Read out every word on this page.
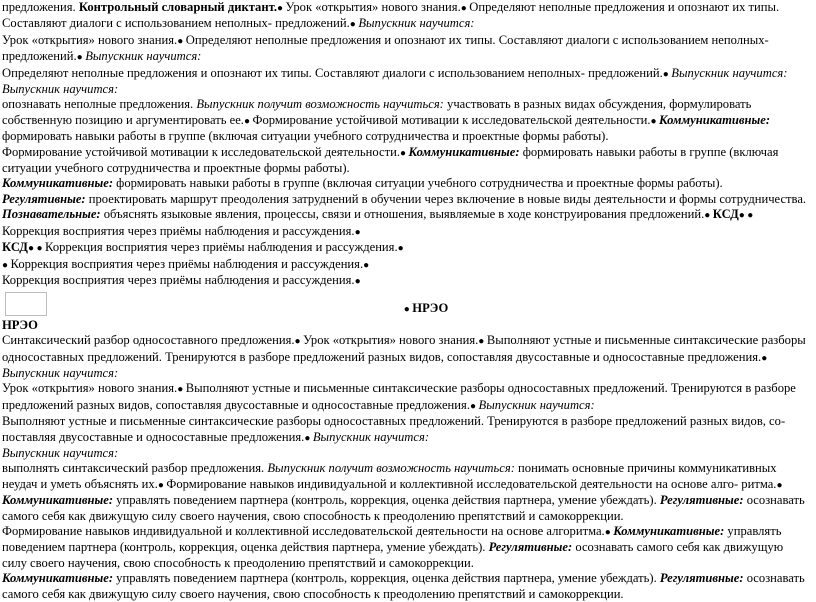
предложения. Контрольный словарный диктант.● Урок «открытия» нового знания.● Определяют неполные предложения и опознают их типы. Составляют диалоги с использованием неполных- предложений.● Выпускник научится:

Урок «открытия» нового знания.● Определяют неполные предложения и опознают их типы. Составляют диалоги с использованием неполных- предложений.● Выпускник научится:

Определяют неполные предложения и опознают их типы. Составляют диалоги с использованием неполных- предложений.● Выпускник научится:

Выпускник научится:

опознавать неполные предложения. Выпускник получит возможность научиться: участвовать в разных видах обсуждения, формулировать собственную позицию и аргументировать ее.● Формирование устойчивой мотивации к исследовательской деятельности.● Коммуникативные: формировать навыки работы в группе (включая ситуации учебного сотрудничества и проектные формы работы).

Формирование устойчивой мотивации к исследовательской деятельности.● Коммуникативные: формировать навыки работы в группе (включая ситуации учебного сотрудничества и проектные формы работы).

Коммуникативные: формировать навыки работы в группе (включая ситуации учебного сотрудничества и проектные формы работы).

Регулятивные: проектировать маршрут преодоления затруднений в обучении через включение в новые виды деятельности и формы сотрудничества.

Познавательные: объяснять языковые явления, процессы, связи и отношения, выявляемые в ходе конструирования предложений.● КСД● ● Коррекция восприятия через приёмы наблюдения и рассуждения.●

КСД● ● Коррекция восприятия через приёмы наблюдения и рассуждения.●

● Коррекция восприятия через приёмы наблюдения и рассуждения.●

Коррекция восприятия через приёмы наблюдения и рассуждения.●

● НРЭО

НРЭО

Синтаксический разбор односоставного предложения.● Урок «открытия» нового знания.● Выполняют устные и письменные синтаксические разборы односоставных предложений. Тренируются в разборе предложений разных видов, сопоставляя двусоставные и односоставные предложения.● Выпускник научится:

Урок «открытия» нового знания.● Выполняют устные и письменные синтаксические разборы односоставных предложений. Тренируются в разборе предложений разных видов, сопоставляя двусоставные и односоставные предложения.● Выпускник научится:

Выполняют устные и письменные синтаксические разборы односоставных предложений. Тренируются в разборе предложений разных видов, со- поставляя двусоставные и односоставные предложения.● Выпускник научится:

Выпускник научится:

выполнять синтаксический разбор предложения. Выпускник получит возможность научиться: понимать основные причины коммуникативных неудач и уметь объяснять их.● Формирование навыков индивидуальной и коллективной исследовательской деятельности на основе алго- ритма.● Коммуникативные: управлять поведением партнера (контроль, коррекция, оценка действия партнера, умение убеждать). Регулятивные: осознавать самого себя как движущую силу своего научения, свою способность к преодолению препятствий и самокоррекции.

Формирование навыков индивидуальной и коллективной исследовательской деятельности на основе алгоритма.● Коммуникативные: управлять поведением партнера (контроль, коррекция, оценка действия партнера, умение убеждать). Регулятивные: осознавать самого себя как движущую силу своего научения, свою способность к преодолению препятствий и самокоррекции.

Коммуникативные: управлять поведением партнера (контроль, коррекция, оценка действия партнера, умение убеждать). Регулятивные: осознавать самого себя как движущую силу своего научения, свою способность к преодолению препятствий и самокоррекции.
